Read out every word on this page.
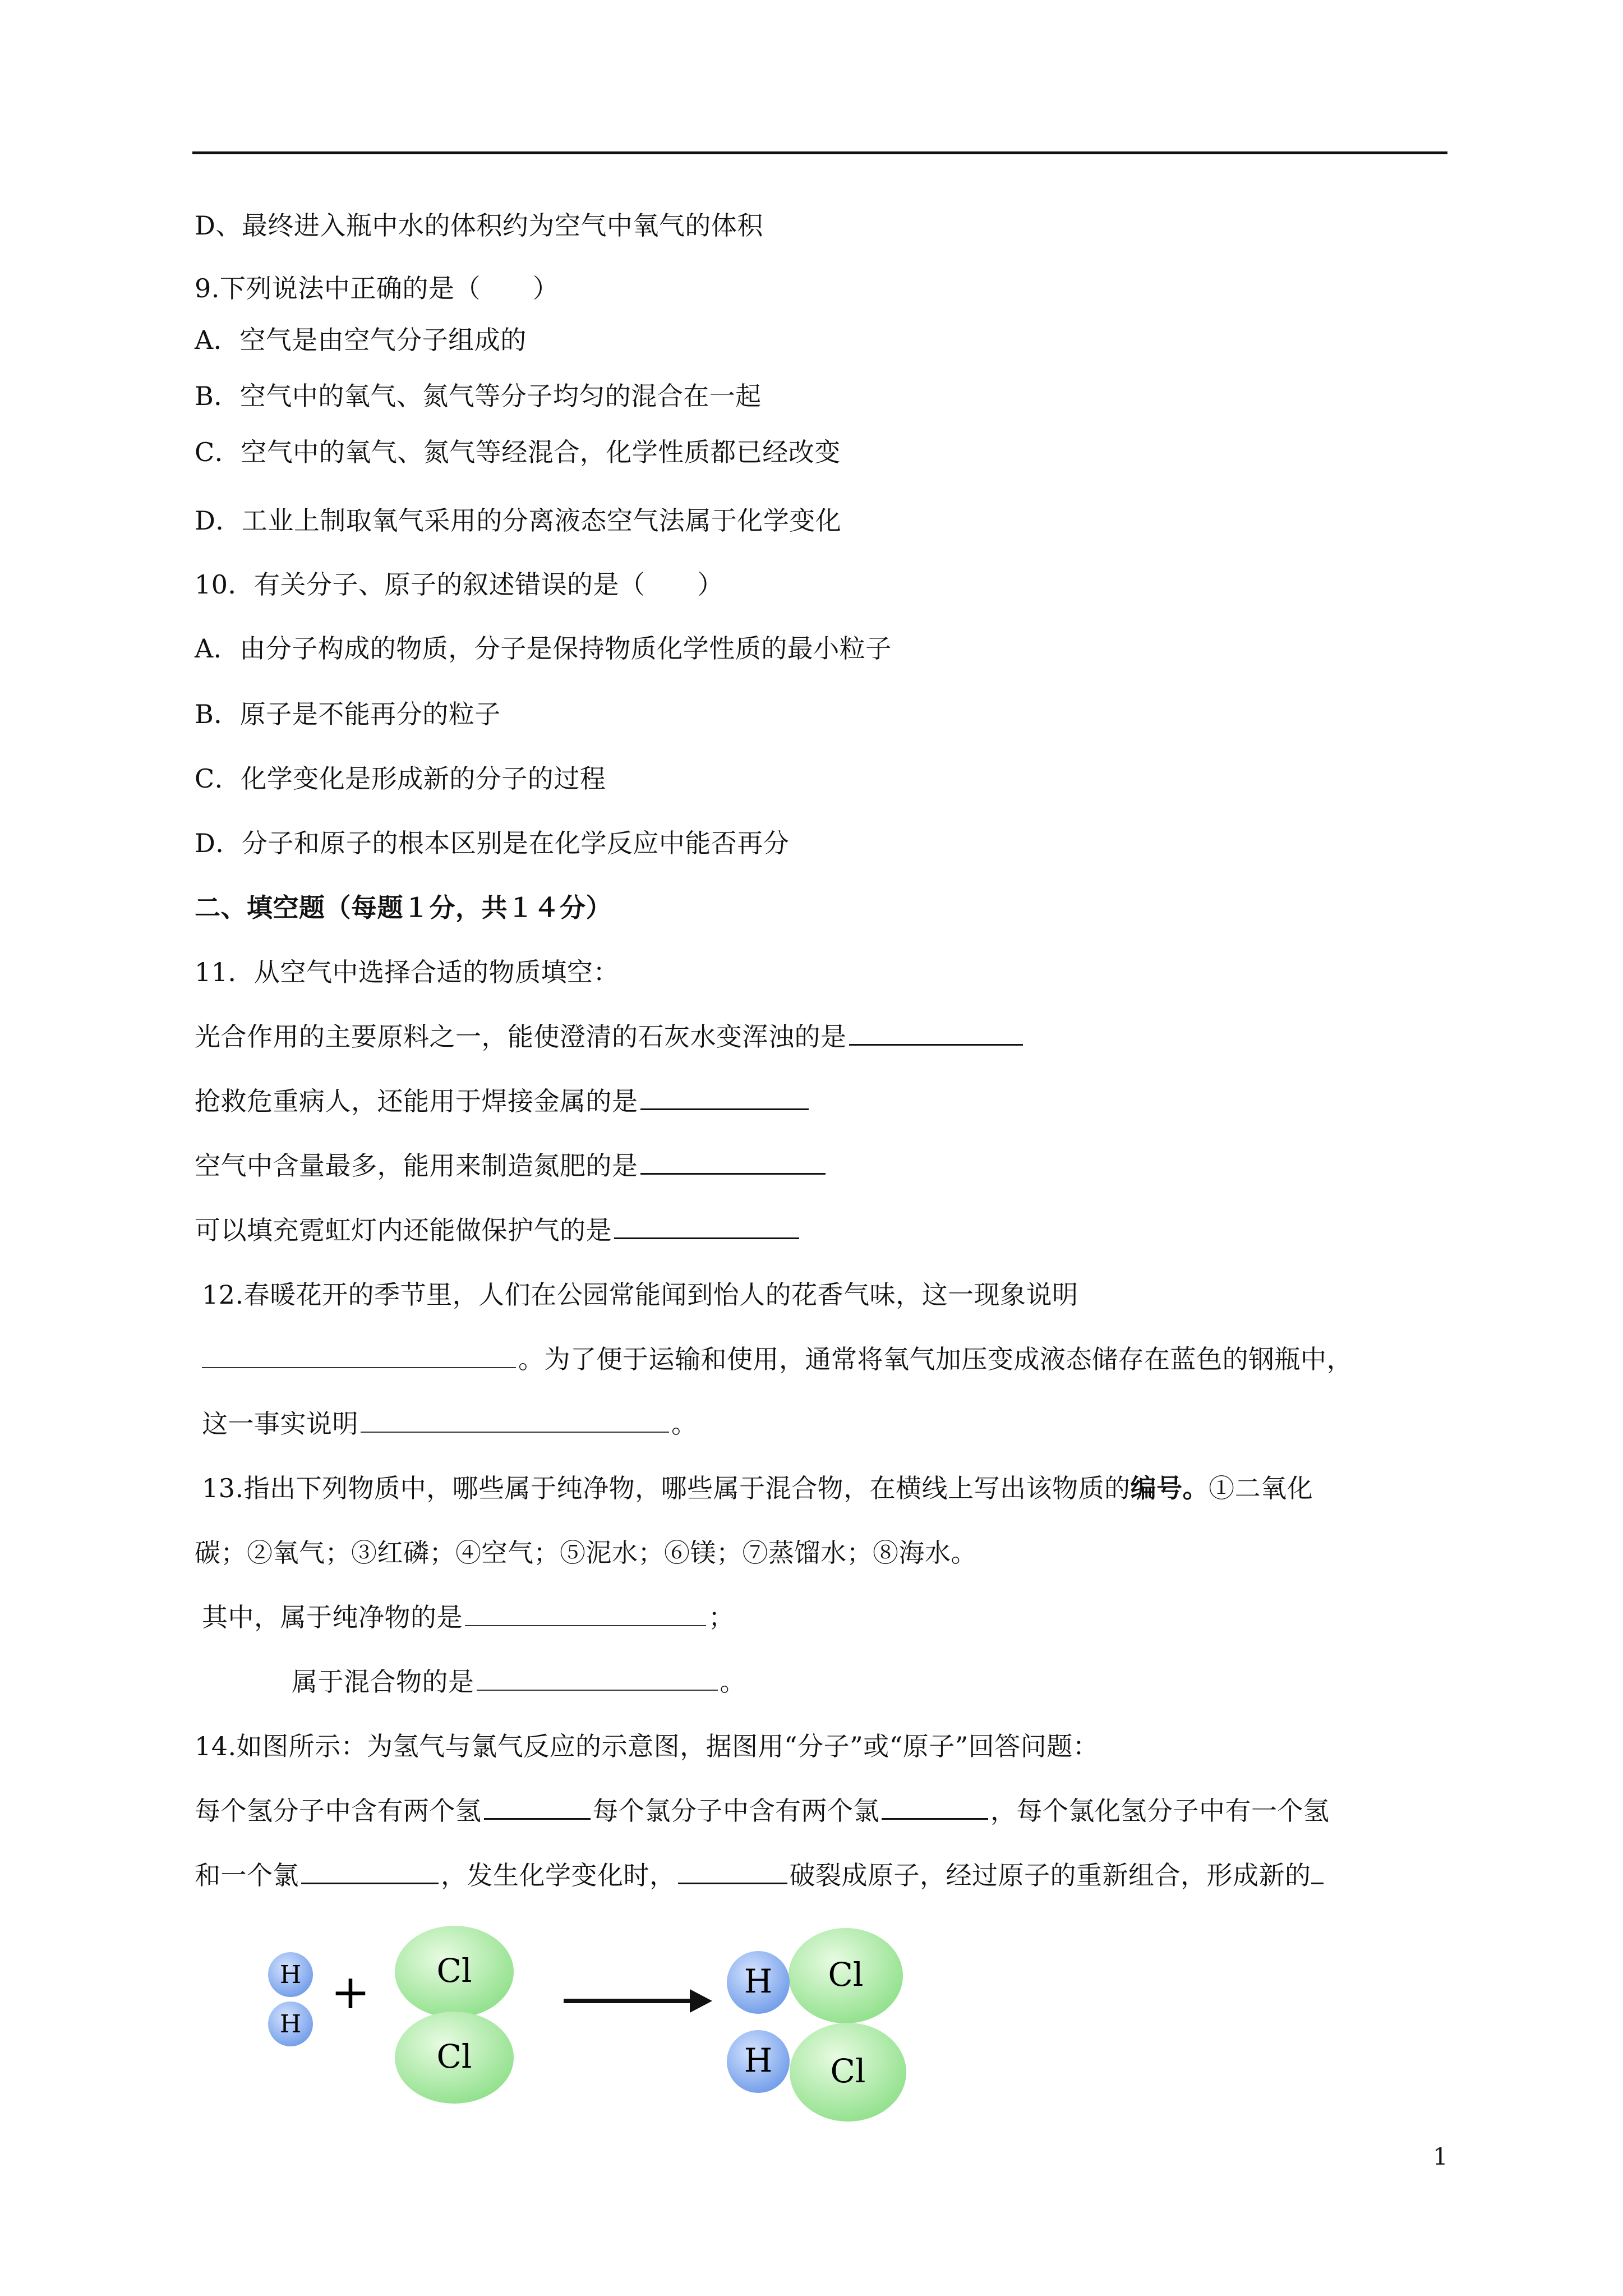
D、最终进入瓶中水的体积约为空气中氧气的体积
9.下列说法中正确的是（　　）
A．空气是由空气分子组成的
B．空气中的氧气、氮气等分子均匀的混合在一起
C．空气中的氧气、氮气等经混合，化学性质都已经改变
D．工业上制取氧气采用的分离液态空气法属于化学变化
10．有关分子、原子的叙述错误的是（　　）
A．由分子构成的物质，分子是保持物质化学性质的最小粒子
B．原子是不能再分的粒子
C．化学变化是形成新的分子的过程
D．分子和原子的根本区别是在化学反应中能否再分
二、填空题（每题１分，共１４分）
11．从空气中选择合适的物质填空：
光合作用的主要原料之一，能使澄清的石灰水变浑浊的是
抢救危重病人，还能用于焊接金属的是
空气中含量最多，能用来制造氮肥的是
可以填充霓虹灯内还能做保护气的是
12.春暖花开的季节里，人们在公园常能闻到怡人的花香气味，这一现象说明
。为了便于运输和使用，通常将氧气加压变成液态储存在蓝色的钢瓶中，
这一事实说明	。
13.指出下列物质中，哪些属于纯净物，哪些属于混合物，在横线上写出该物质的编号。①二氧化
碳；②氧气；③红磷；④空气；⑤泥水；⑥镁；⑦蒸馏水；⑧海水。
其中，属于纯净物的是	；
属于混合物的是	。
14.如图所示：为氢气与氯气反应的示意图，据图用“分子”或“原子”回答问题：
每个氢分子中含有两个氢	每个氯分子中含有两个氯	，每个氯化氢分子中有一个氢
和一个氯	，发生化学变化时，	破裂成原子，经过原子的重新组合，形成新的
H
H
+ Cl
Cl
H Cl
H Cl
1
